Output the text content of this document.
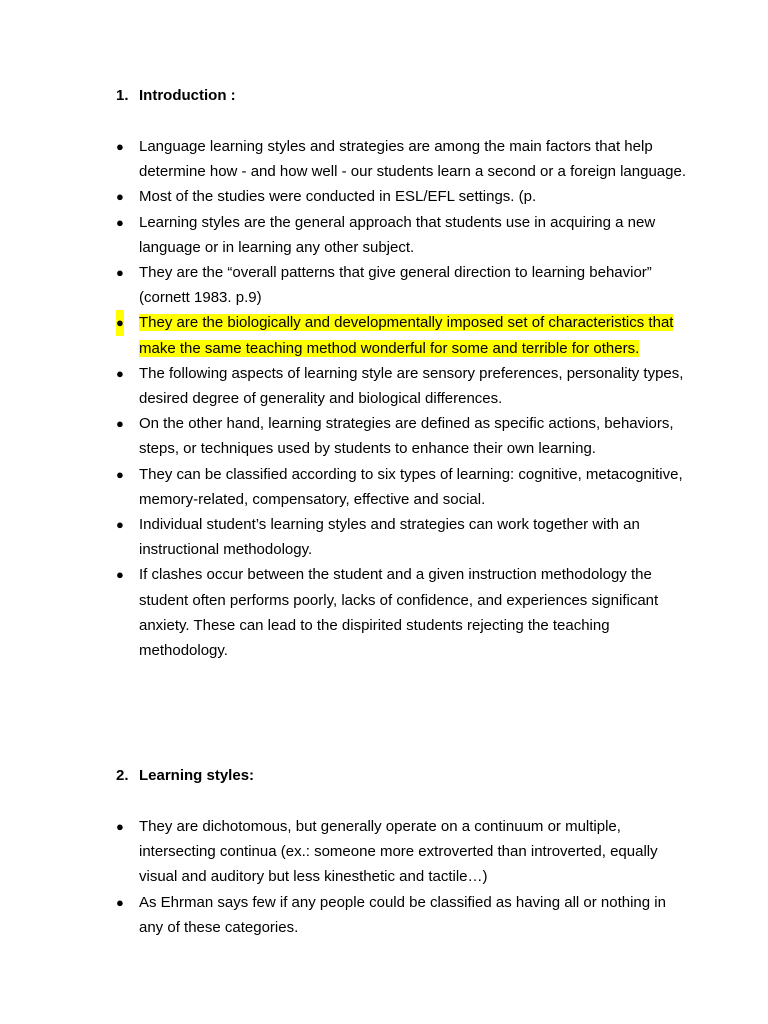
1. Introduction :
● Language learning styles and strategies are among the main factors that help determine how - and how well - our students learn a second or a foreign language.
● Most of the studies were conducted in ESL/EFL settings. (p.
● Learning styles are the general approach that students use in acquiring a new language or in learning any other subject.
● They are the “overall patterns that give general direction to learning behavior” (cornett 1983. p.9)
● They are the biologically and developmentally imposed set of characteristics that make the same teaching method wonderful for some and terrible for others.
● The following aspects of learning style are sensory preferences, personality types, desired degree of generality and biological differences.
● On the other hand, learning strategies are defined as specific actions, behaviors, steps, or techniques used by students to enhance their own learning.
● They can be classified according to six types of learning: cognitive, metacognitive, memory-related, compensatory, effective and social.
● Individual student’s learning styles and strategies can work together with an instructional methodology.
● If clashes occur between the student and a given instruction methodology the student often performs poorly, lacks of confidence, and experiences significant anxiety. These can lead to the dispirited students rejecting the teaching methodology.
2. Learning styles:
● They are dichotomous, but generally operate on a continuum or multiple, intersecting continua (ex.: someone more extroverted than introverted, equally visual and auditory but less kinesthetic and tactile…)
● As Ehrman says few if any people could be classified as having all or nothing in any of these categories.
